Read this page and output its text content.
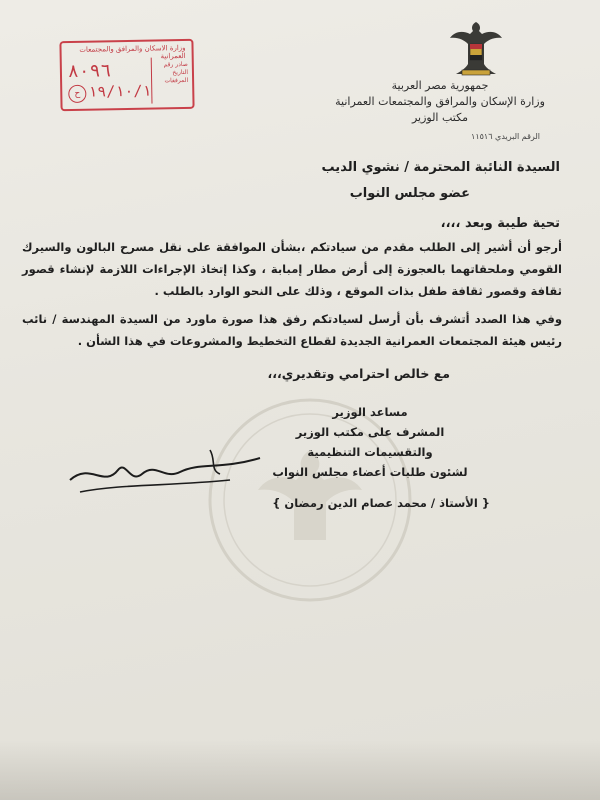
وزارة الاسكان والمرافق والمجتمعات العمرانية
صادر رقم
التاريخ
المرفقات
٨٠٩٦
ح ١٩/١٠/١	جمهورية مصر العربية
وزارة الإسكان والمرافق والمجتمعات العمرانية
مكتب الوزير
الرقم البريدي ١١٥١٦
السيدة النائبة المحترمة / نشوي الديب
عضو مجلس النواب
تحية طيبة وبعد ،،،،
أرجو أن أشير إلى الطلب مقدم من سيادتكم ،بشأن الموافقة على نقل مسرح البالون والسيرك القومي وملحقاتهما بالعجوزة إلى أرض مطار إمبابة ، وكذا إتخاذ الإجراءات اللازمة لإنشاء قصور ثقافة وقصور ثقافة طفل بذات الموقع ، وذلك على النحو الوارد بالطلب .
وفي هذا الصدد أتشرف بأن أرسل لسيادتكم رفق هذا صورة ماورد من السيدة المهندسة / نائب رئيس هيئة المجتمعات العمرانية الجديدة لقطاع التخطيط والمشروعات في هذا الشأن .
مع خالص احترامي وتقديري،،،
مساعد الوزير
المشرف على مكتب الوزير
والتقسيمات التنظيمية
لشئون طلبات أعضاء مجلس النواب
{ الأستاذ / محمد عصام الدين رمضان }
